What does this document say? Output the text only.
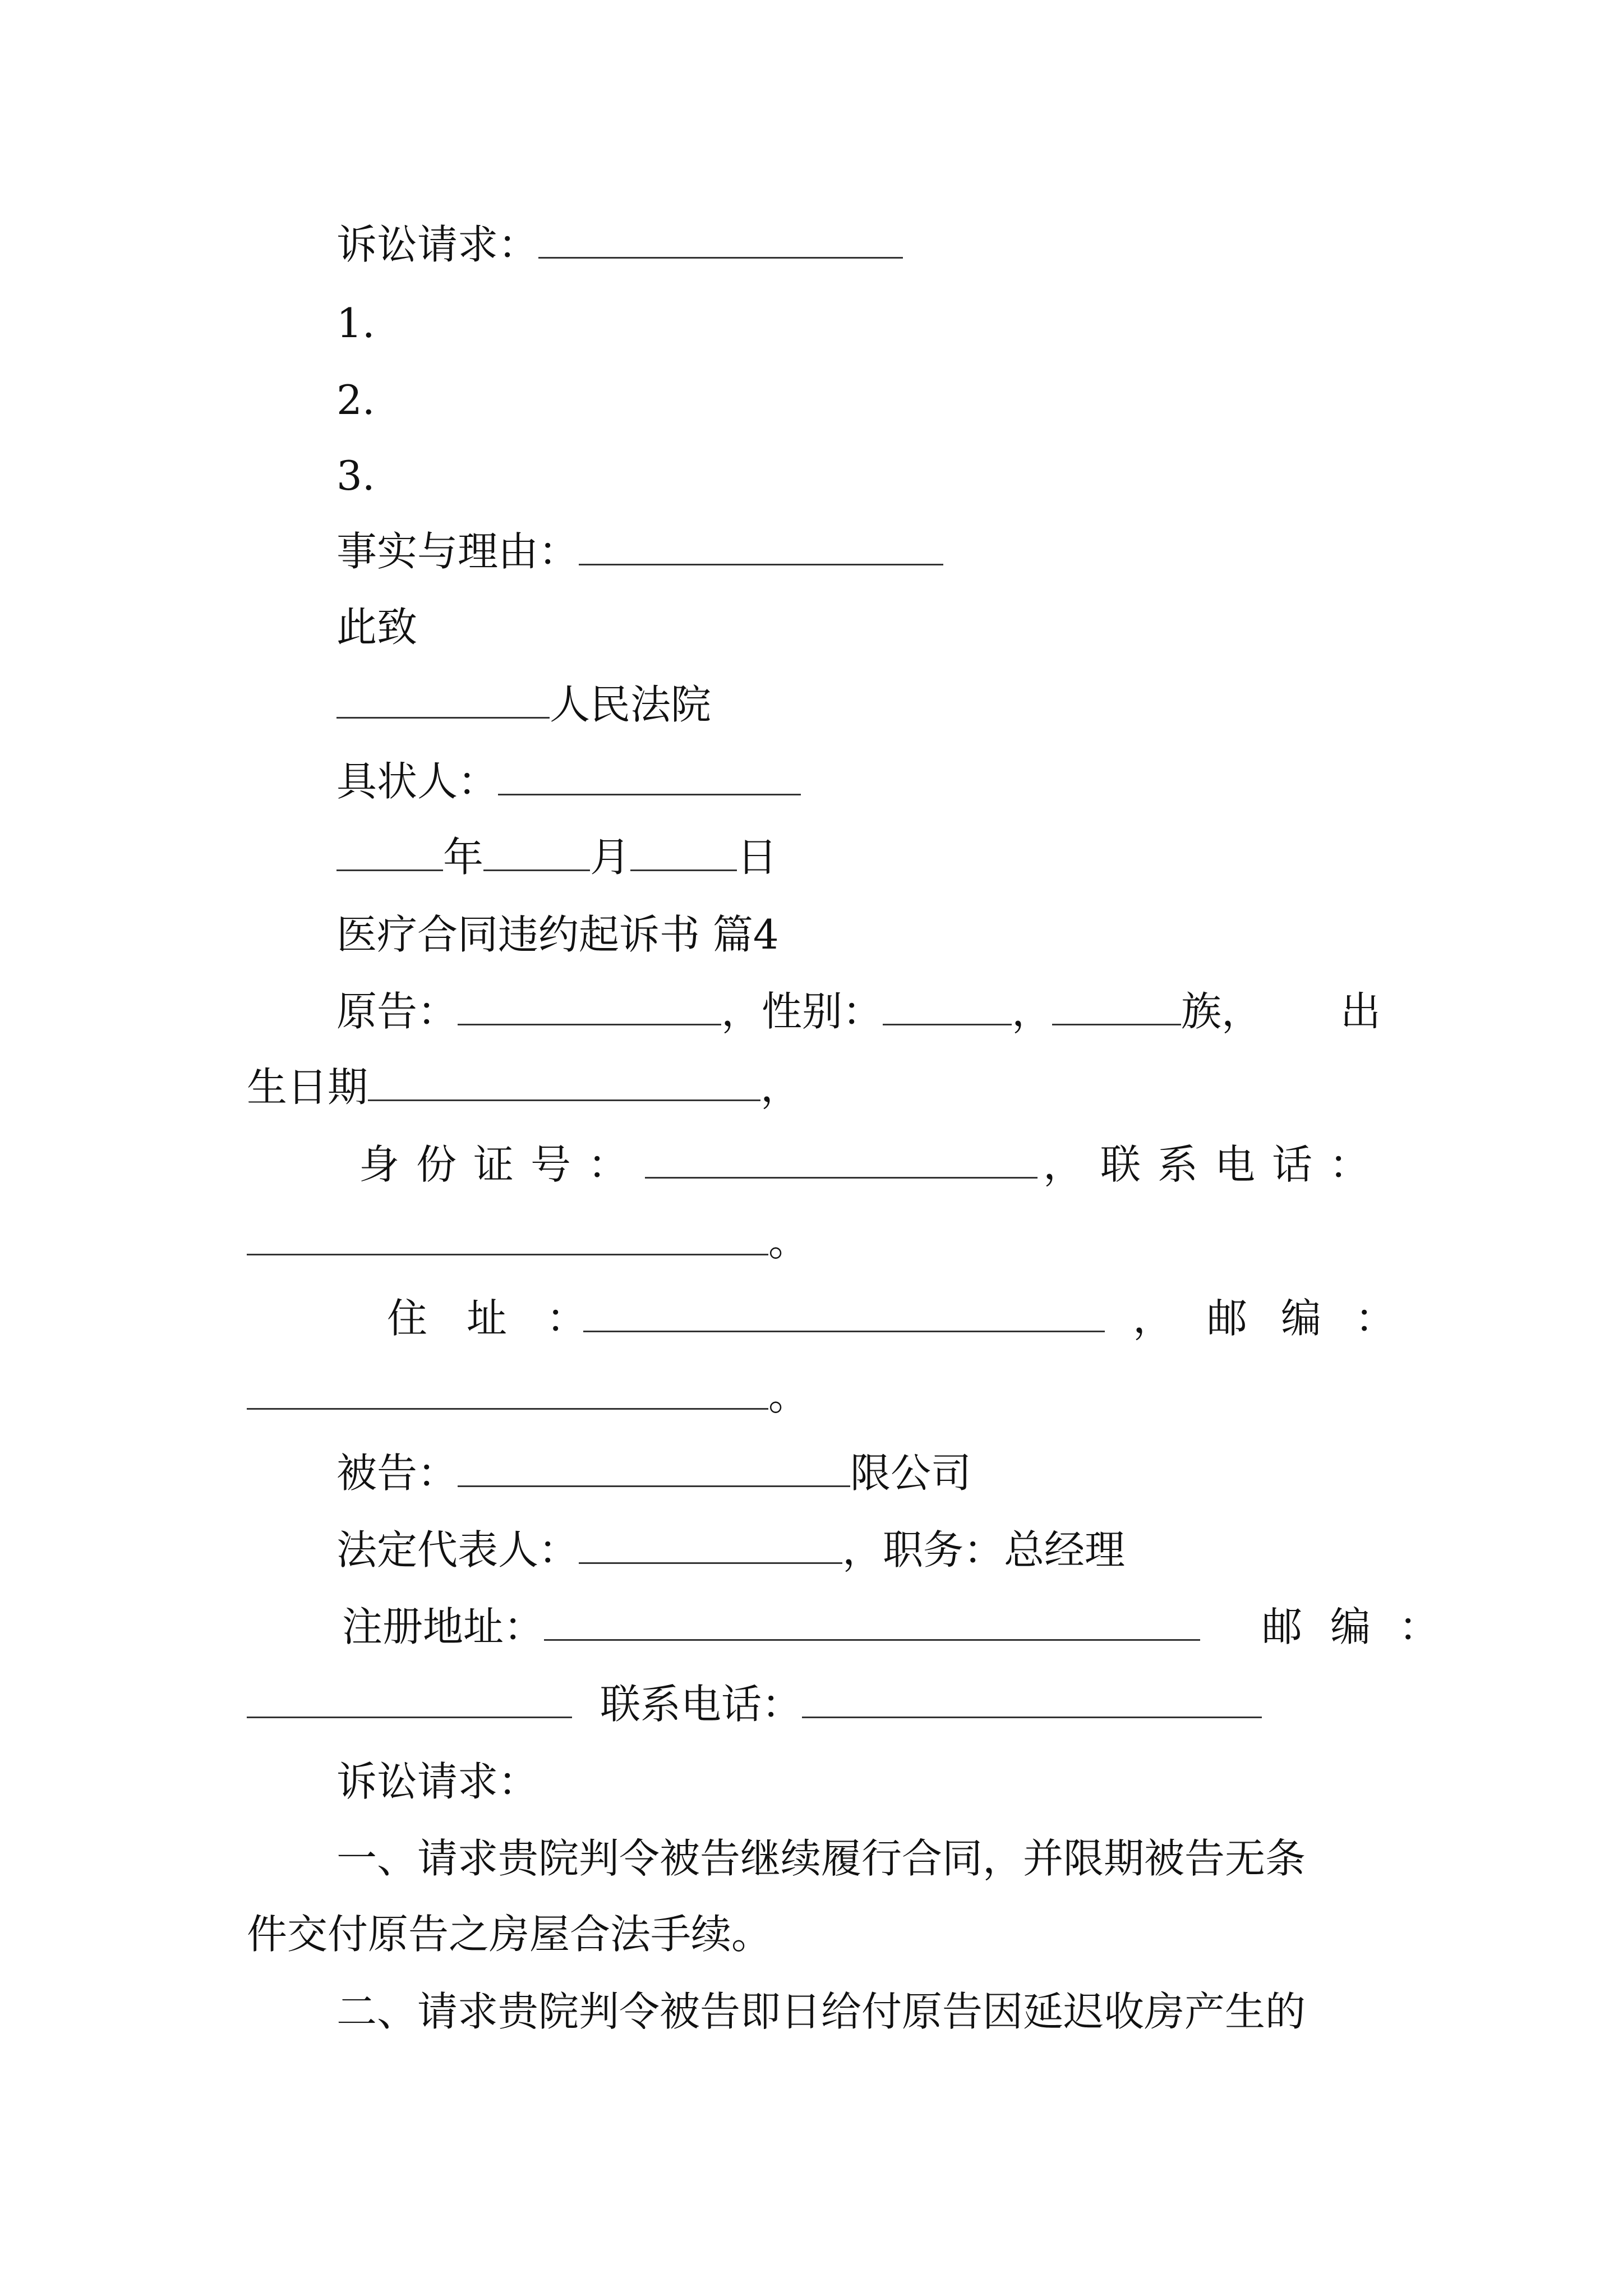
诉讼请求：
1.
2.
3.
事实与理由：
此致
人民法院
具状人：
年	月	日
医疗合同违约起诉书 篇4
原告：	，性别：	，	族， 出
生日期	，
身份证号：	，联系电话：
。
住址：	，邮编：
。
被告：	限公司
法定代表人：	，职务：总经理
注册地址：	邮编：
联系电话：
诉讼请求：
一、请求贵院判令被告继续履行合同，并限期被告无条
件交付原告之房屋合法手续。
二、请求贵院判令被告即日给付原告因延迟收房产生的
